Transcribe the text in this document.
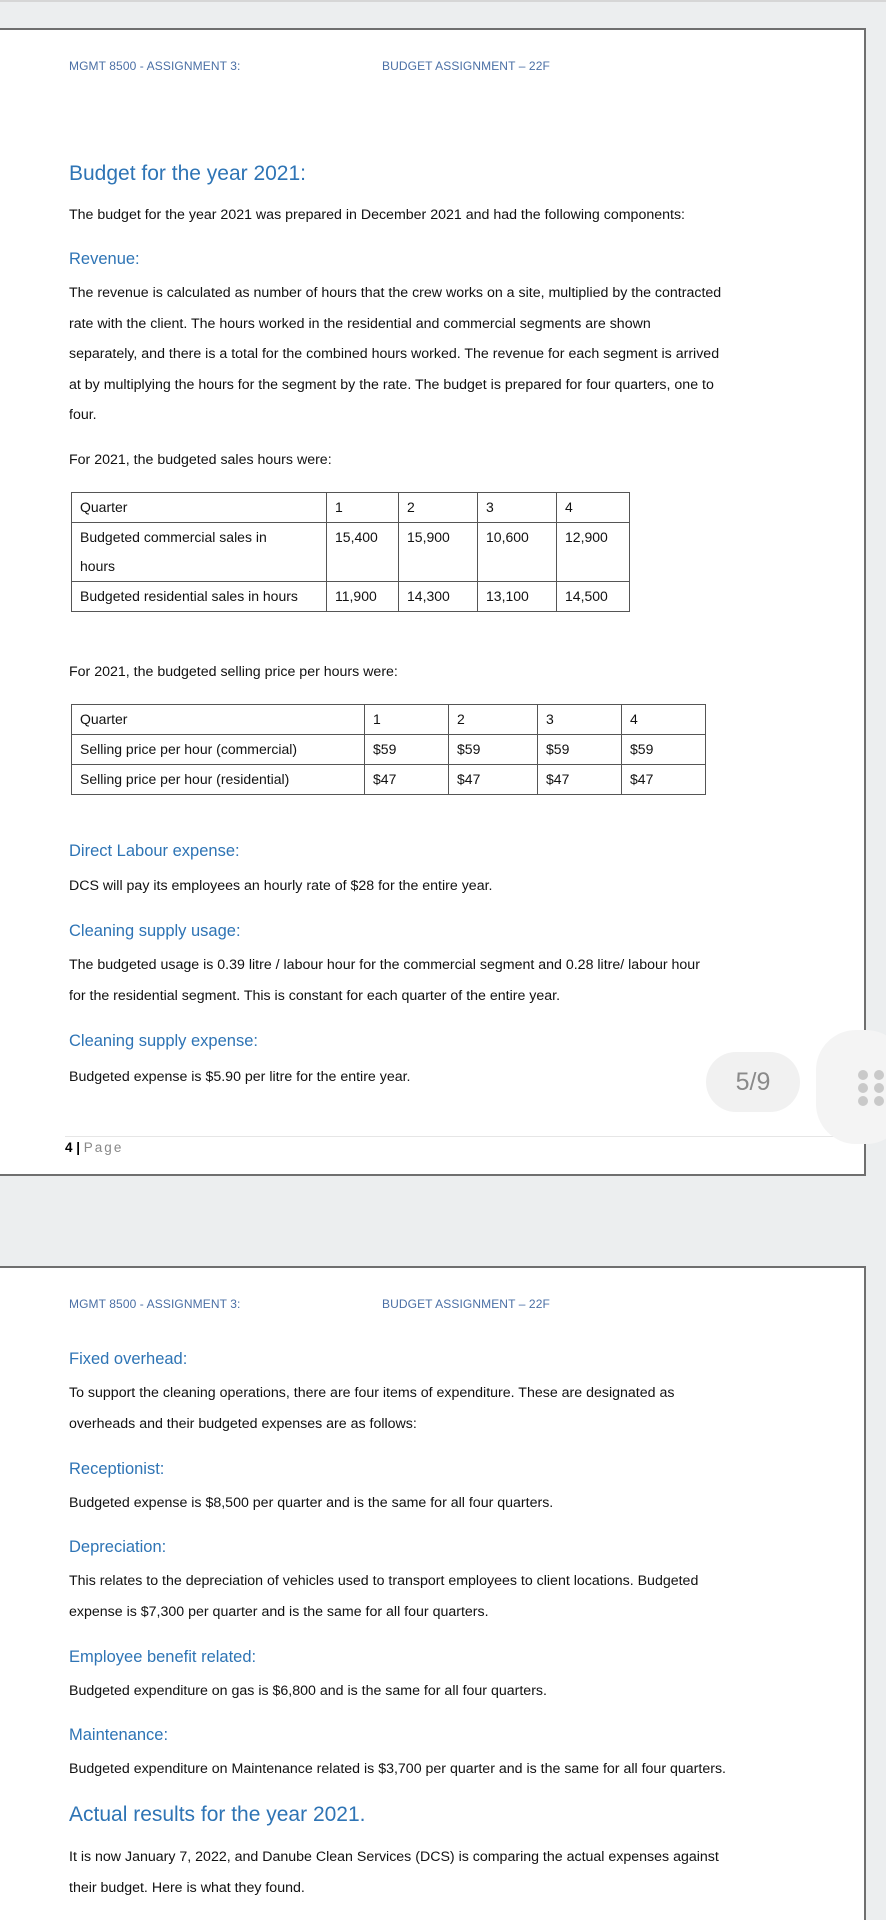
MGMT 8500 - ASSIGNMENT 3:	BUDGET ASSIGNMENT – 22F
Budget for the year 2021:
The budget for the year 2021 was prepared in December 2021 and had the following components:
Revenue:
The revenue is calculated as number of hours that the crew works on a site, multiplied by the contracted
rate with the client. The hours worked in the residential and commercial segments are shown
separately, and there is a total for the combined hours worked. The revenue for each segment is arrived
at by multiplying the hours for the segment by the rate. The budget is prepared for four quarters, one to
four.
For 2021, the budgeted sales hours were:
Quarter	1	2	3	4

Budgeted commercial sales in
hours	15,400	15,900	10,600	12,900
Budgeted residential sales in hours	11,900	14,300	13,100	14,500
For 2021, the budgeted selling price per hours were:
Quarter	1	2	3	4
Selling price per hour (commercial)	$59	$59	$59	$59
Selling price per hour (residential)	$47	$47	$47	$47
Direct Labour expense:
DCS will pay its employees an hourly rate of $28 for the entire year.
Cleaning supply usage:
The budgeted usage is 0.39 litre / labour hour for the commercial segment and 0.28 litre/ labour hour
for the residential segment. This is constant for each quarter of the entire year.
Cleaning supply expense:
Budgeted expense is $5.90 per litre for the entire year.
4 | Page
5/9
MGMT 8500 - ASSIGNMENT 3:	BUDGET ASSIGNMENT – 22F
Fixed overhead:
To support the cleaning operations, there are four items of expenditure. These are designated as
overheads and their budgeted expenses are as follows:
Receptionist:
Budgeted expense is $8,500 per quarter and is the same for all four quarters.
Depreciation:
This relates to the depreciation of vehicles used to transport employees to client locations. Budgeted
expense is $7,300 per quarter and is the same for all four quarters.
Employee benefit related:
Budgeted expenditure on gas is $6,800 and is the same for all four quarters.
Maintenance:
Budgeted expenditure on Maintenance related is $3,700 per quarter and is the same for all four quarters.
Actual results for the year 2021.
It is now January 7, 2022, and Danube Clean Services (DCS) is comparing the actual expenses against
their budget. Here is what they found.
